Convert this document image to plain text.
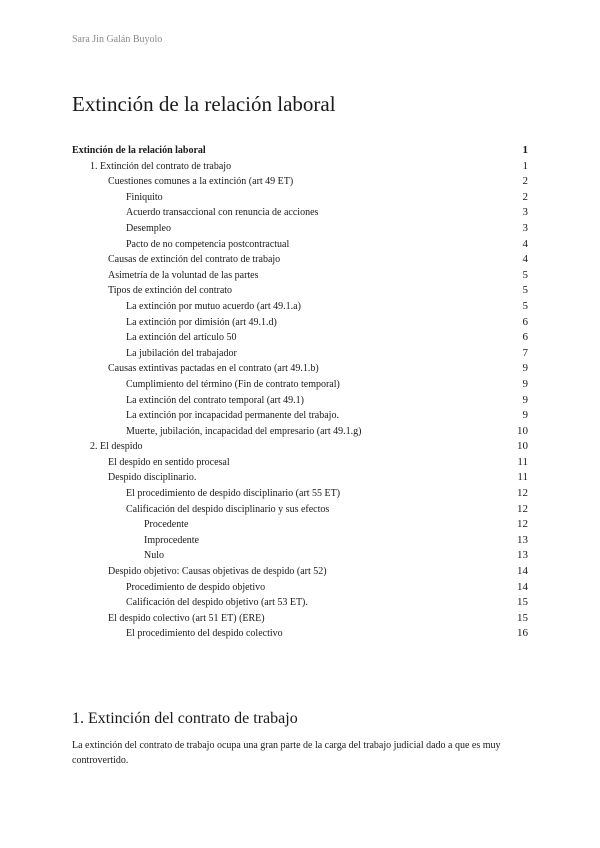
Sara Jin Galán Buyolo
Extinción de la relación laboral
Extinción de la relación laboral	1
1. Extinción del contrato de trabajo	1
Cuestiones comunes a la extinción (art 49 ET)	2
Finiquito	2
Acuerdo transaccional con renuncia de acciones	3
Desempleo	3
Pacto de no competencia postcontractual	4
Causas de extinción del contrato de trabajo	4
Asimetría de la voluntad de las partes	5
Tipos de extinción del contrato	5
La extinción por mutuo acuerdo (art 49.1.a)	5
La extinción por dimisión (art 49.1.d)	6
La extinción del artículo 50	6
La jubilación del trabajador	7
Causas extintivas pactadas en el contrato (art 49.1.b)	9
Cumplimiento del término (Fin de contrato temporal)	9
La extinción del contrato temporal (art 49.1)	9
La extinción por incapacidad permanente del trabajo.	9
Muerte, jubilación, incapacidad del empresario (art 49.1.g)	10
2. El despido	10
El despido en sentido procesal	11
Despido disciplinario.	11
El procedimiento de despido disciplinario (art 55 ET)	12
Calificación del despido disciplinario y sus efectos	12
Procedente	12
Improcedente	13
Nulo	13
Despido objetivo: Causas objetivas de despido (art 52)	14
Procedimiento de despido objetivo	14
Calificación del despido objetivo (art 53 ET).	15
El despido colectivo (art 51 ET) (ERE)	15
El procedimiento del despido colectivo	16
1. Extinción del contrato de trabajo

La extinción del contrato de trabajo ocupa una gran parte de la carga del trabajo judicial dado a que es muy controvertido.
